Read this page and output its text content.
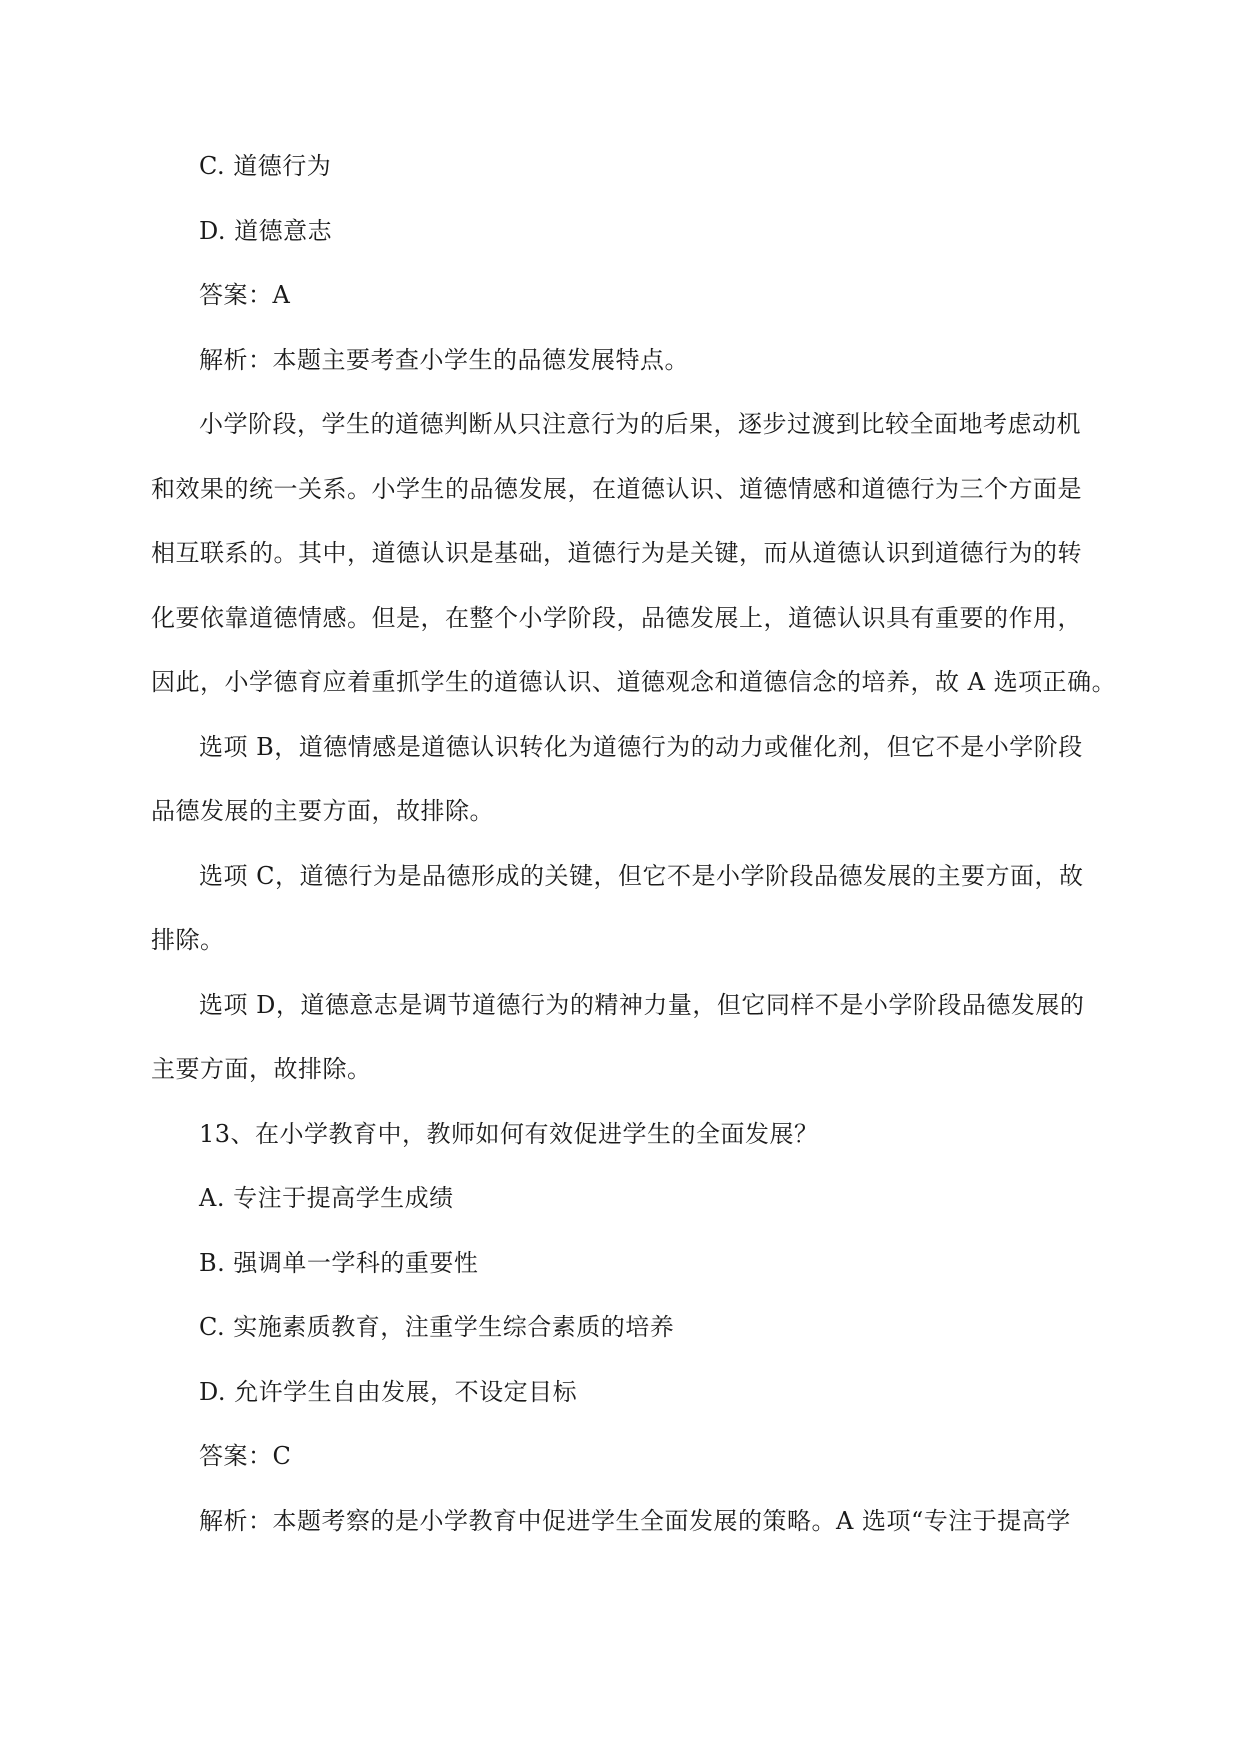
C. 道德行为
D. 道德意志
答案：A
解析：本题主要考查小学生的品德发展特点。
小学阶段，学生的道德判断从只注意行为的后果，逐步过渡到比较全面地考虑动机
和效果的统一关系。小学生的品德发展，在道德认识、道德情感和道德行为三个方面是
相互联系的。其中，道德认识是基础，道德行为是关键，而从道德认识到道德行为的转
化要依靠道德情感。但是，在整个小学阶段，品德发展上，道德认识具有重要的作用，
因此，小学德育应着重抓学生的道德认识、道德观念和道德信念的培养，故 A 选项正确。
选项 B，道德情感是道德认识转化为道德行为的动力或催化剂，但它不是小学阶段
品德发展的主要方面，故排除。
选项 C，道德行为是品德形成的关键，但它不是小学阶段品德发展的主要方面，故
排除。
选项 D，道德意志是调节道德行为的精神力量，但它同样不是小学阶段品德发展的
主要方面，故排除。
13、在小学教育中，教师如何有效促进学生的全面发展？
A. 专注于提高学生成绩
B. 强调单一学科的重要性
C. 实施素质教育，注重学生综合素质的培养
D. 允许学生自由发展，不设定目标
答案：C
解析：本题考察的是小学教育中促进学生全面发展的策略。A 选项“专注于提高学
